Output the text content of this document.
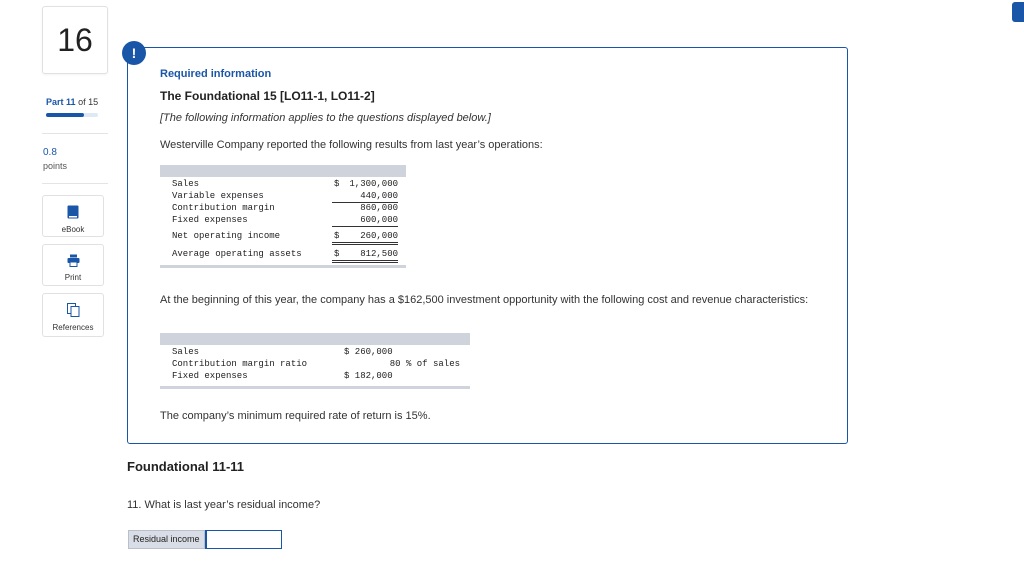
16
Part 11 of 15
0.8
points
eBook
Print
References
!
Required information
The Foundational 15 [LO11-1, LO11-2]
[The following information applies to the questions displayed below.]
Westerville Company reported the following results from last year’s operations:
Sales	$	1,300,000
Variable expenses	440,000
Contribution margin	860,000
Fixed expenses	600,000
Net operating income	$	260,000
Average operating assets	$	812,500
At the beginning of this year, the company has a $162,500 investment opportunity with the following cost and revenue characteristics:
Sales	$ 260,000
Contribution margin ratio	80 % of sales
Fixed expenses	$ 182,000
The company’s minimum required rate of return is 15%.
Foundational 11-11
11. What is last year’s residual income?
Residual income
